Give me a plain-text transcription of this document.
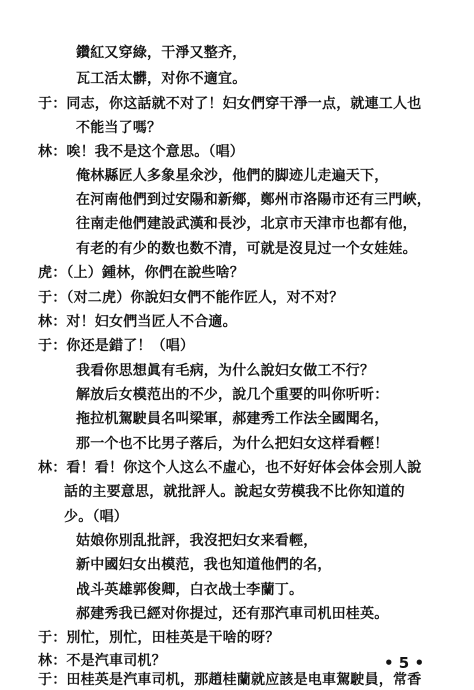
鑽紅又穿綠，干淨又整齐，
瓦工活太髒，对你不適宜。
于：同志，你这話就不对了！妇女們穿干淨一点，就連工人也
不能当了嗎？
林：唉！我不是这个意思。（唱）
俺林縣匠人多象星氽沙，他們的脚迹儿走遍天下，
在河南他們到过安陽和新鄉，鄭州市洛陽市还有三門峽，
往南走他們建設武漢和長沙，北京市天津市也都有他，
有老的有少的数也数不清，可就是沒見过一个女娃娃。
虎：（上）鍾林，你們在說些啥？
于：（对二虎）你說妇女們不能作匠人，对不对？
林：对！妇女們当匠人不合適。
于：你还是錯了！（唱）
我看你思想眞有毛病，为什么說妇女做工不行？
解放后女模范出的不少，說几个重要的叫你听听：
拖拉机駕駛員名叫梁軍，郝建秀工作法全國聞名，
那一个也不比男子落后，为什么把妇女这样看輕！
林：看！看！你这个人这么不虛心，也不好好体会体会別人說
話的主要意思，就批評人。說起女劳模我不比你知道的
少。（唱）
姑娘你別乱批評，我沒把妇女来看輕，
新中國妇女出模范，我也知道他們的名，
战斗英雄郭俊卿，白衣战士李蘭丁。
郝建秀我已經对你提过，还有那汽車司机田桂英。
于：別忙，別忙，田桂英是干啥的呀？
林：不是汽車司机？
于：田桂英是汽車司机，那趙桂蘭就应該是电車駕駛員，常香
• 5 •
